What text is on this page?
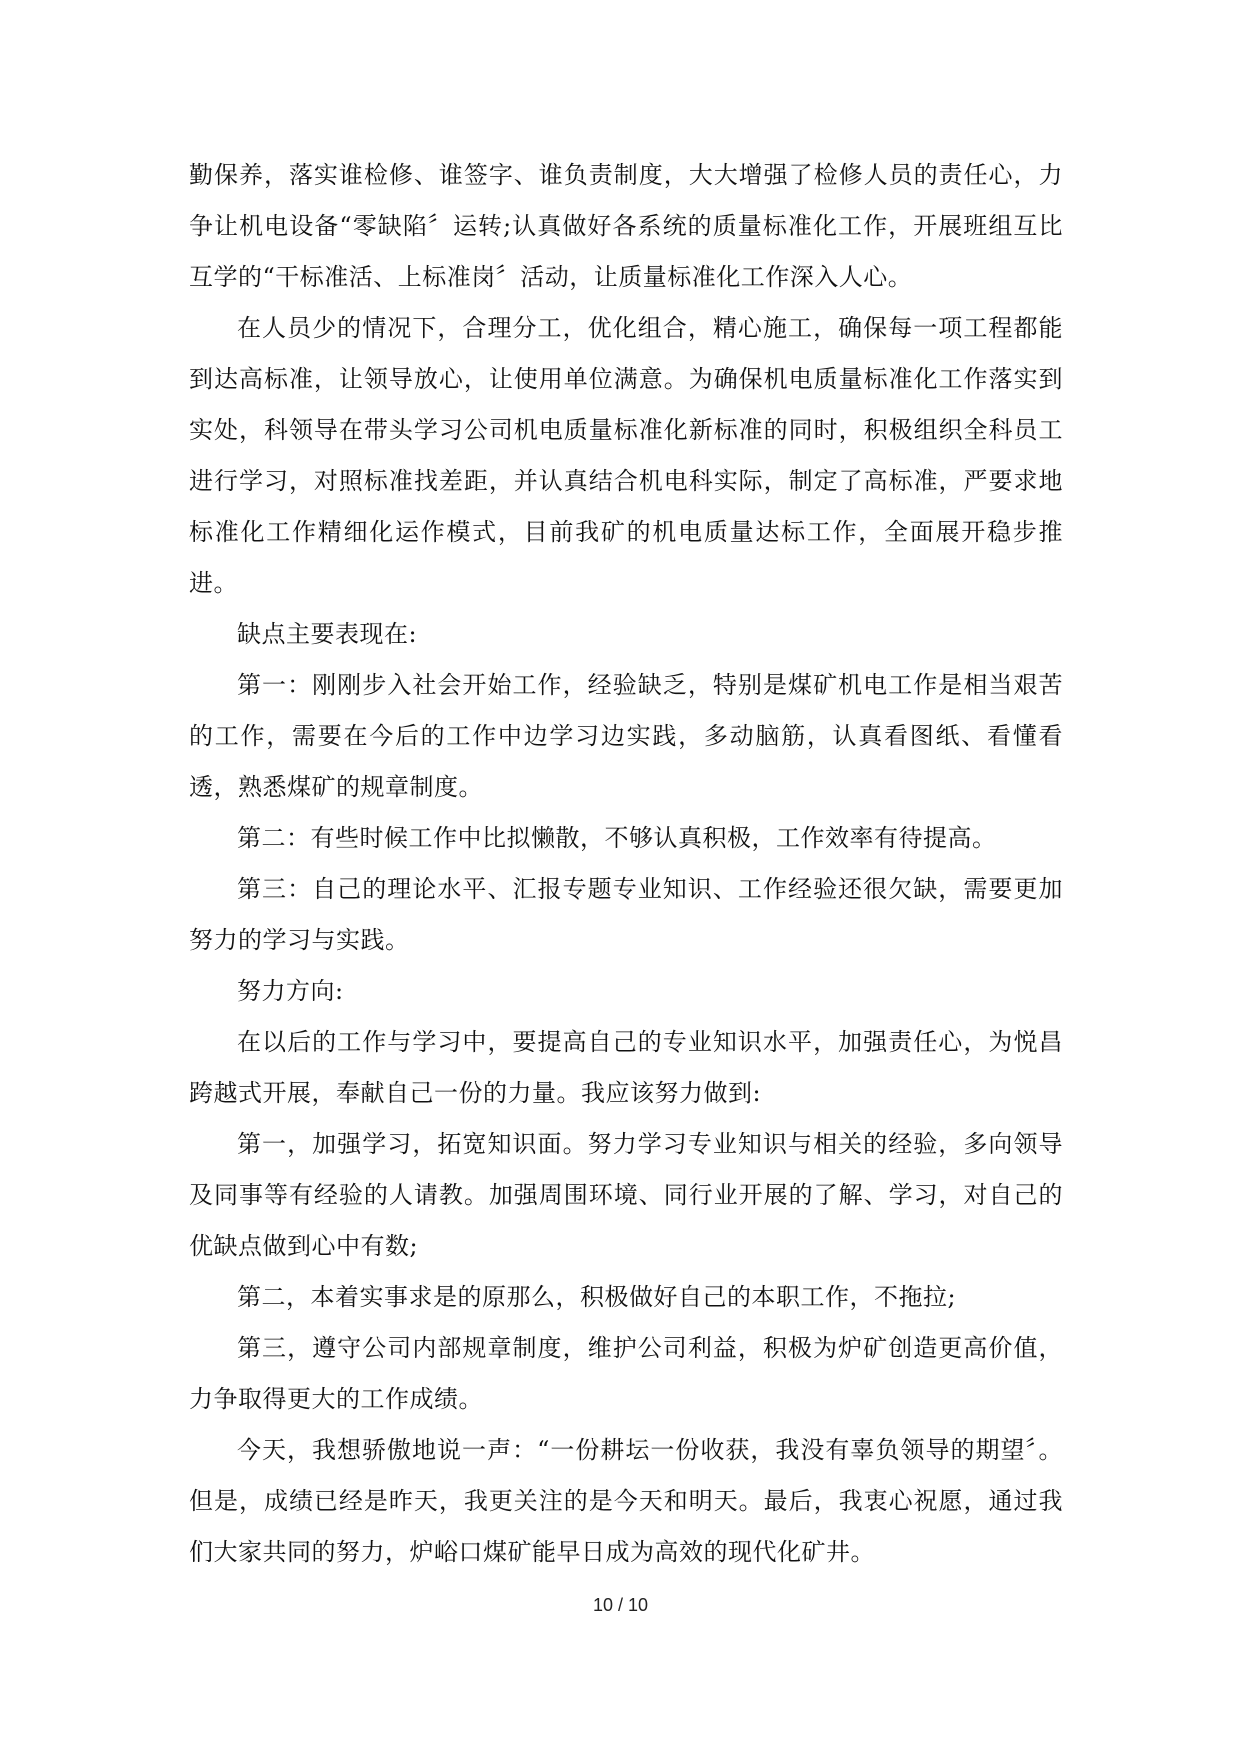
勤保养，落实谁检修、谁签字、谁负责制度，大大增强了检修人员的责任心，力争让机电设备“零缺陷〞运转;认真做好各系统的质量标准化工作，开展班组互比互学的“干标准活、上标准岗〞活动，让质量标准化工作深入人心。

在人员少的情况下，合理分工，优化组合，精心施工，确保每一项工程都能到达高标准，让领导放心，让使用单位满意。为确保机电质量标准化工作落实到实处，科领导在带头学习公司机电质量标准化新标准的同时，积极组织全科员工进行学习，对照标准找差距，并认真结合机电科实际，制定了高标准，严要求地标准化工作精细化运作模式，目前我矿的机电质量达标工作，全面展开稳步推进。

缺点主要表现在:

第一：刚刚步入社会开始工作，经验缺乏，特别是煤矿机电工作是相当艰苦的工作，需要在今后的工作中边学习边实践，多动脑筋，认真看图纸、看懂看透，熟悉煤矿的规章制度。

第二：有些时候工作中比拟懒散，不够认真积极，工作效率有待提高。

第三：自己的理论水平、汇报专题专业知识、工作经验还很欠缺，需要更加努力的学习与实践。

努力方向:

在以后的工作与学习中，要提高自己的专业知识水平，加强责任心，为悦昌跨越式开展，奉献自己一份的力量。我应该努力做到:

第一，加强学习，拓宽知识面。努力学习专业知识与相关的经验，多向领导及同事等有经验的人请教。加强周围环境、同行业开展的了解、学习，对自己的优缺点做到心中有数;

第二，本着实事求是的原那么，积极做好自己的本职工作，不拖拉;

第三，遵守公司内部规章制度，维护公司利益，积极为炉矿创造更高价值，力争取得更大的工作成绩。

今天，我想骄傲地说一声：“一份耕坛一份收获，我没有辜负领导的期望〞。但是，成绩已经是昨天，我更关注的是今天和明天。最后，我衷心祝愿，通过我们大家共同的努力，炉峪口煤矿能早日成为高效的现代化矿井。

10 / 10
